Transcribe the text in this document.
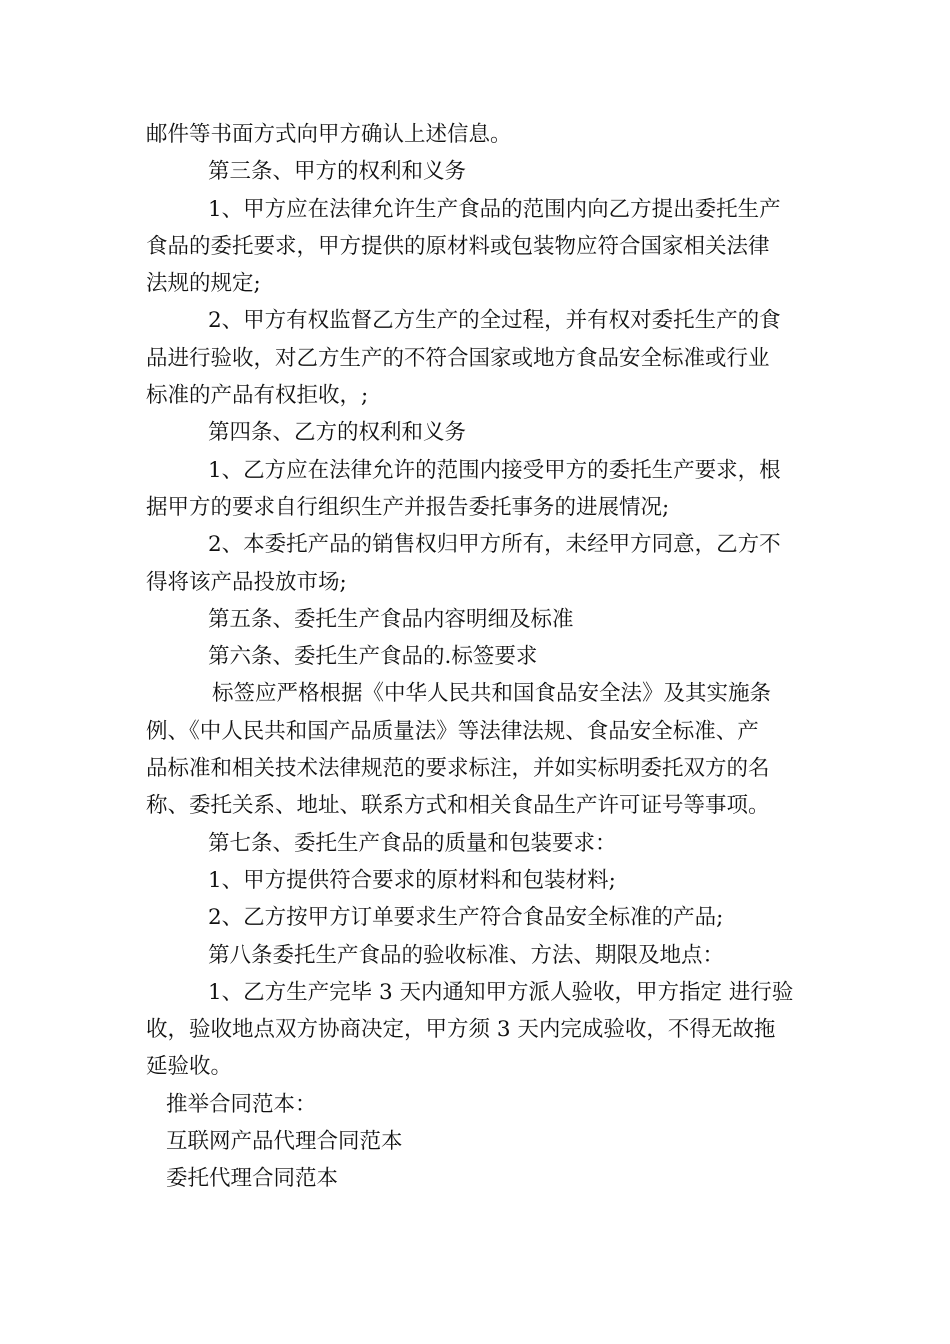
邮件等书面方式向甲方确认上述信息。
第三条、甲方的权利和义务
1、甲方应在法律允许生产食品的范围内向乙方提出委托生产
食品的委托要求，甲方提供的原材料或包装物应符合国家相关法律
法规的规定;
2、甲方有权监督乙方生产的全过程，并有权对委托生产的食
品进行验收，对乙方生产的不符合国家或地方食品安全标准或行业
标准的产品有权拒收，;
第四条、乙方的权利和义务
1、乙方应在法律允许的范围内接受甲方的委托生产要求，根
据甲方的要求自行组织生产并报告委托事务的进展情况;
2、本委托产品的销售权归甲方所有，未经甲方同意，乙方不
得将该产品投放市场;
第五条、委托生产食品内容明细及标准
第六条、委托生产食品的.标签要求
标签应严格根据《中华人民共和国食品安全法》及其实施条
例、《中人民共和国产品质量法》等法律法规、食品安全标准、产
品标准和相关技术法律规范的要求标注，并如实标明委托双方的名
称、委托关系、地址、联系方式和相关食品生产许可证号等事项。
第七条、委托生产食品的质量和包装要求：
1、甲方提供符合要求的原材料和包装材料;
2、乙方按甲方订单要求生产符合食品安全标准的产品;
第八条委托生产食品的验收标准、方法、期限及地点：
1、乙方生产完毕 3 天内通知甲方派人验收，甲方指定 进行验
收，验收地点双方协商决定，甲方须 3 天内完成验收，不得无故拖
延验收。
推举合同范本：
互联网产品代理合同范本
委托代理合同范本
